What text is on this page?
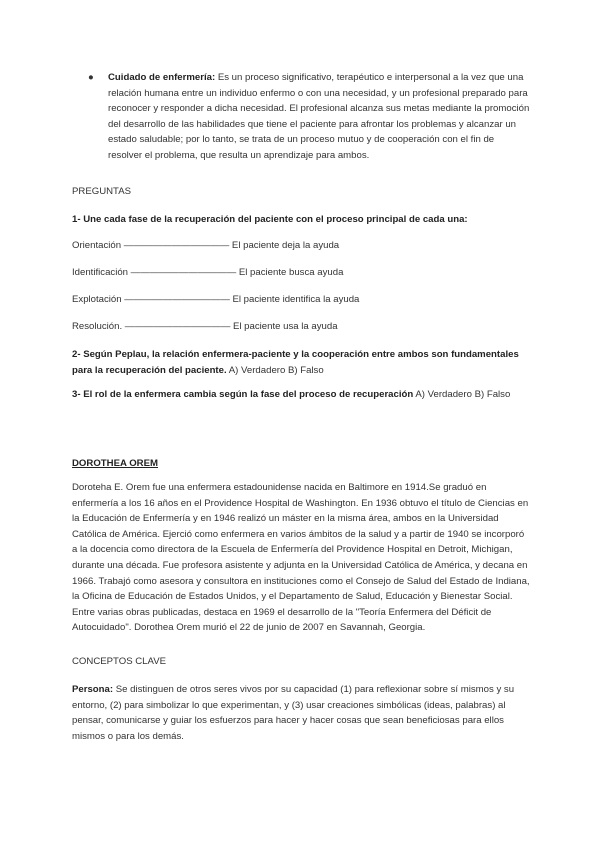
● Cuidado de enfermería: Es un proceso significativo, terapéutico e interpersonal a la vez que una relación humana entre un individuo enfermo o con una necesidad, y un profesional preparado para reconocer y responder a dicha necesidad. El profesional alcanza sus metas mediante la promoción del desarrollo de las habilidades que tiene el paciente para afrontar los problemas y alcanzar un estado saludable; por lo tanto, se trata de un proceso mutuo y de cooperación con el fin de resolver el problema, que resulta un aprendizaje para ambos.
PREGUNTAS
1- Une cada fase de la recuperación del paciente con el proceso principal de cada una:
Orientación ——————————— El paciente deja la ayuda
Identificación ——————————— El paciente busca ayuda
Explotación ——————————— El paciente identifica la ayuda
Resolución. ——————————— El paciente usa la ayuda
2- Según Peplau, la relación enfermera-paciente y la cooperación entre ambos son fundamentales para la recuperación del paciente. A) Verdadero B) Falso
3- El rol de la enfermera cambia según la fase del proceso de recuperación A) Verdadero B) Falso
DOROTHEA OREM
Doroteha E. Orem fue una enfermera estadounidense nacida en Baltimore en 1914.Se graduó en enfermería a los 16 años en el Providence Hospital de Washington. En 1936 obtuvo el título de Ciencias en la Educación de Enfermería y en 1946 realizó un máster en la misma área, ambos en la Universidad Católica de América. Ejerció como enfermera en varios ámbitos de la salud y a partir de 1940 se incorporó a la docencia como directora de la Escuela de Enfermería del Providence Hospital en Detroit, Michigan, durante una década. Fue profesora asistente y adjunta en la Universidad Católica de América, y decana en 1966. Trabajó como asesora y consultora en instituciones como el Consejo de Salud del Estado de Indiana, la Oficina de Educación de Estados Unidos, y el Departamento de Salud, Educación y Bienestar Social. Entre varias obras publicadas, destaca en 1969 el desarrollo de la "Teoría Enfermera del Déficit de Autocuidado". Dorothea Orem murió el 22 de junio de 2007 en Savannah, Georgia.
CONCEPTOS CLAVE
Persona: Se distinguen de otros seres vivos por su capacidad (1) para reflexionar sobre sí mismos y su entorno, (2) para simbolizar lo que experimentan, y (3) usar creaciones simbólicas (ideas, palabras) al pensar, comunicarse y guiar los esfuerzos para hacer y hacer cosas que sean beneficiosas para ellos mismos o para los demás.
